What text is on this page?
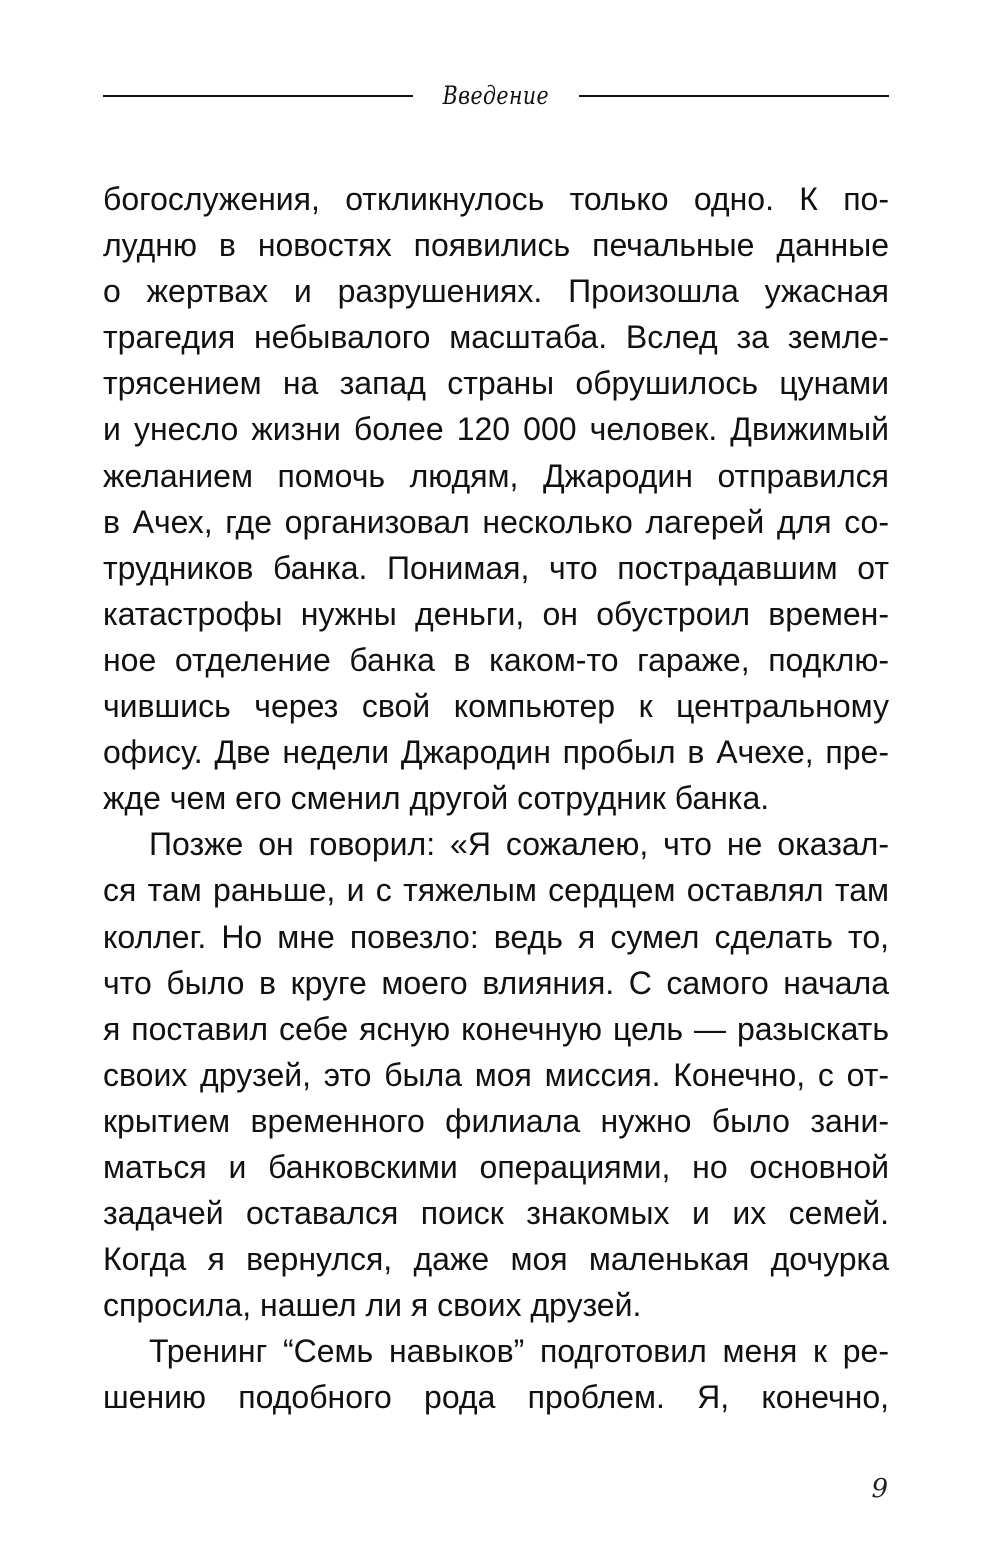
Введение
богослужения, откликнулось только одно. К по-
лудню в новостях появились печальные данные
о жертвах и разрушениях. Произошла ужасная
трагедия небывалого масштаба. Вслед за земле-
трясением на запад страны обрушилось цунами
и унесло жизни более 120 000 человек. Движимый
желанием помочь людям, Джародин отправился
в Ачех, где организовал несколько лагерей для со-
трудников банка. Понимая, что пострадавшим от
катастрофы нужны деньги, он обустроил времен-
ное отделение банка в каком-то гараже, подклю-
чившись через свой компьютер к центральному
офису. Две недели Джародин пробыл в Ачехе, пре-
жде чем его сменил другой сотрудник банка.
Позже он говорил: «Я сожалею, что не оказал-
ся там раньше, и с тяжелым сердцем оставлял там
коллег. Но мне повезло: ведь я сумел сделать то,
что было в круге моего влияния. С самого начала
я поставил себе ясную конечную цель — разыскать
своих друзей, это была моя миссия. Конечно, с от-
крытием временного филиала нужно было зани-
маться и банковскими операциями, но основной
задачей оставался поиск знакомых и их семей.
Когда я вернулся, даже моя маленькая дочурка
спросила, нашел ли я своих друзей.
Тренинг “Семь навыков” подготовил меня к ре-
шению подобного рода проблем. Я, конечно,
9
